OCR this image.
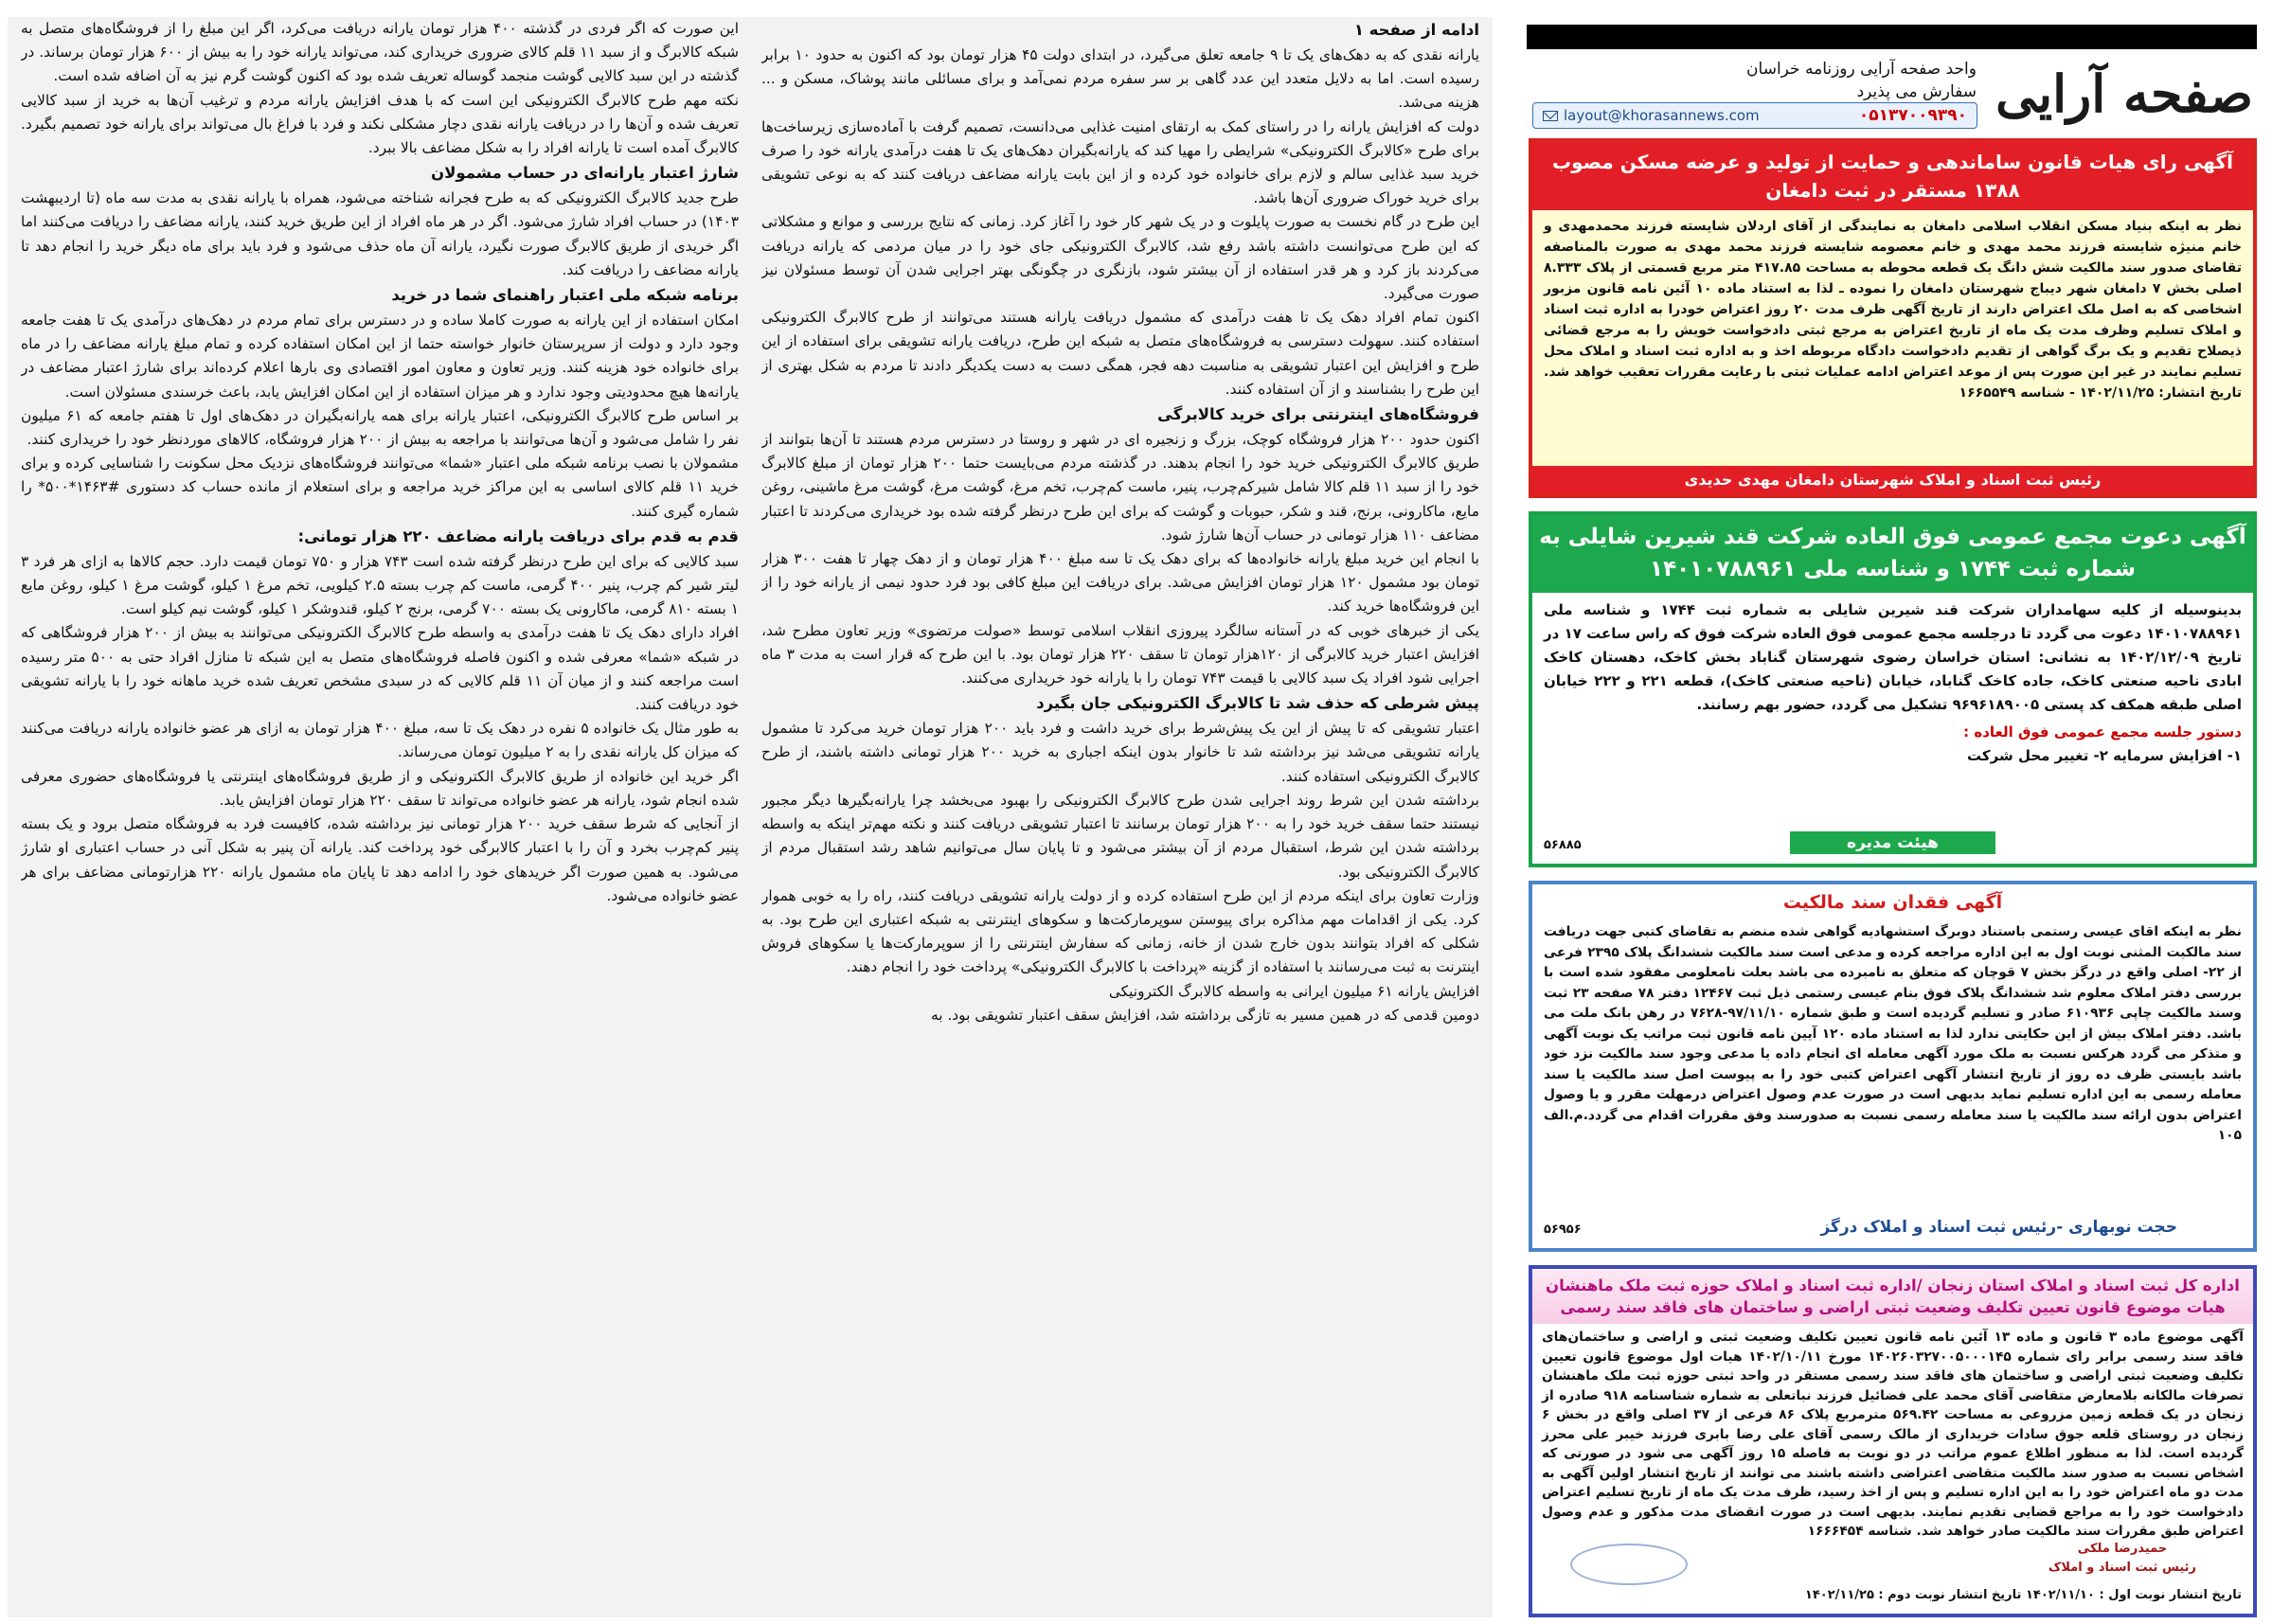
ادامه از صفحه ۱

یارانه نقدی که به دهک‌های یک تا ۹ جامعه تعلق می‌گیرد، در ابتدای دولت ۴۵ هزار تومان بود که اکنون به حدود ۱۰ برابر رسیده است. اما به دلایل متعدد این عدد گاهی بر سر سفره مردم نمی‌آمد و برای مسائلی مانند پوشاک، مسکن و ... هزینه می‌شد.

دولت که افزایش یارانه را در راستای کمک به ارتقای امنیت غذایی می‌دانست، تصمیم گرفت با آماده‌سازی زیرساخت‌ها برای طرح «کالابرگ الکترونیکی» شرایطی را مهیا کند که یارانه‌بگیران دهک‌های یک تا هفت درآمدی یارانه خود را صرف خرید سبد غذایی سالم و لازم برای خانواده خود کرده و از این بابت یارانه مضاعف دریافت کنند که به نوعی تشویقی برای خرید خوراک ضروری آن‌ها باشد.

این طرح در گام نخست به صورت پایلوت و در یک شهر کار خود را آغاز کرد. زمانی که نتایج بررسی و موانع و مشکلاتی که این طرح می‌توانست داشته باشد رفع شد، کالابرگ الکترونیکی جای خود را در میان مردمی که یارانه دریافت می‌کردند باز کرد و هر قدر استفاده از آن بیشتر شود، بازنگری در چگونگی بهتر اجرایی شدن آن توسط مسئولان نیز صورت می‌گیرد.

اکنون تمام افراد دهک یک تا هفت درآمدی که مشمول دریافت یارانه هستند می‌توانند از طرح کالابرگ الکترونیکی استفاده کنند. سهولت دسترسی به فروشگاه‌های متصل به شبکه این طرح، دریافت یارانه تشویقی برای استفاده از این طرح و افزایش این اعتبار تشویقی به مناسبت دهه فجر، همگی دست به دست یکدیگر دادند تا مردم به شکل بهتری از این طرح را بشناسند و از آن استفاده کنند.

فروشگاه‌های اینترنتی برای خرید کالابرگی

اکنون حدود ۲۰۰ هزار فروشگاه کوچک، بزرگ و زنجیره ای در شهر و روستا در دسترس مردم هستند تا آن‌ها بتوانند از طریق کالابرگ الکترونیکی خرید خود را انجام بدهند. در گذشته مردم می‌بایست حتما ۲۰۰ هزار تومان از مبلغ کالابرگ خود را از سبد ۱۱ قلم کالا شامل شیرکم‌چرب، پنیر، ماست کم‌چرب، تخم مرغ، گوشت مرغ، گوشت مرغ ماشینی، روغن مایع، ماکارونی، برنج، قند و شکر، حبوبات و گوشت که برای این طرح درنظر گرفته شده بود خریداری می‌کردند تا اعتبار مضاعف ۱۱۰ هزار تومانی در حساب آن‌ها شارژ شود.

با انجام این خرید مبلغ یارانه خانواده‌ها که برای دهک یک تا سه مبلغ ۴۰۰ هزار تومان و از دهک چهار تا هفت ۳۰۰ هزار تومان بود مشمول ۱۲۰ هزار تومان افزایش می‌شد. برای دریافت این مبلغ کافی بود فرد حدود نیمی از یارانه خود را از این فروشگاه‌ها خرید کند.

یکی از خبرهای خوبی که در آستانه سالگرد پیروزی انقلاب اسلامی توسط «صولت مرتضوی» وزیر تعاون مطرح شد، افزایش اعتبار خرید کالابرگی از ۱۲۰هزار تومان تا سقف ۲۲۰ هزار تومان بود. با این طرح که قرار است به مدت ۳ ماه اجرایی شود افراد یک سبد کالایی با قیمت ۷۴۳ تومان را با یارانه خود خریداری می‌کنند.

پیش شرطی که حذف شد تا کالابرگ الکترونیکی جان بگیرد

اعتبار تشویقی که تا پیش از این یک پیش‌شرط برای خرید داشت و فرد باید ۲۰۰ هزار تومان خرید می‌کرد تا مشمول یارانه تشویقی می‌شد نیز برداشته شد تا خانوار بدون اینکه اجباری به خرید ۲۰۰ هزار تومانی داشته باشند، از طرح کالابرگ الکترونیکی استفاده کنند.

برداشته شدن این شرط روند اجرایی شدن طرح کالابرگ الکترونیکی را بهبود می‌بخشد چرا یارانه‌بگیرها دیگر مجبور نیستند حتما سقف خرید خود را به ۲۰۰ هزار تومان برسانند تا اعتبار تشویقی دریافت کنند و نکته مهم‌تر اینکه به واسطه برداشته شدن این شرط، استقبال مردم از آن بیشتر می‌شود و تا پایان سال می‌توانیم شاهد رشد استقبال مردم از کالابرگ الکترونیکی بود.

وزارت تعاون برای اینکه مردم از این طرح استفاده کرده و از دولت یارانه تشویقی دریافت کنند، راه را به خوبی هموار کرد. یکی از اقدامات مهم مذاکره برای پیوستن سوپرمارکت‌ها و سکوهای اینترنتی به شبکه اعتباری این طرح بود. به شکلی که افراد بتوانند بدون خارج شدن از خانه، زمانی که سفارش اینترنتی را از سوپرمارکت‌ها یا سکوهای فروش اینترنت به ثبت می‌رسانند با استفاده از گزینه «پرداخت با کالابرگ الکترونیکی» پرداخت خود را انجام دهند.

افزایش یارانه ۶۱ میلیون ایرانی به واسطه کالابرگ الکترونیکی

دومین قدمی که در همین مسیر به تازگی برداشته شد، افزایش سقف اعتبار تشویقی بود. به

این صورت که اگر فردی در گذشته ۴۰۰ هزار تومان یارانه دریافت می‌کرد، اگر این مبلغ را از فروشگاه‌های متصل به شبکه کالابرگ و از سبد ۱۱ قلم کالای ضروری خریداری کند، می‌تواند یارانه خود را به بیش از ۶۰۰ هزار تومان برساند. در گذشته در این سبد کالایی گوشت منجمد گوساله تعریف شده بود که اکنون گوشت گرم نیز به آن اضافه شده است.

نکته مهم طرح کالابرگ الکترونیکی این است که با هدف افزایش یارانه مردم و ترغیب آن‌ها به خرید از سبد کالایی تعریف شده و آن‌ها را در دریافت یارانه نقدی دچار مشکلی نکند و فرد با فراغ بال می‌تواند برای یارانه خود تصمیم بگیرد. کالابرگ آمده است تا یارانه افراد را به شکل مضاعف بالا ببرد.

شارژ اعتبار یارانه‌ای در حساب مشمولان

طرح جدید کالابرگ الکترونیکی که به طرح فجرانه شناخته می‌شود، همراه با یارانه نقدی به مدت سه ماه (تا اردیبهشت ۱۴۰۳) در حساب افراد شارژ می‌شود. اگر در هر ماه افراد از این طریق خرید کنند، یارانه مضاعف را دریافت می‌کنند اما اگر خریدی از طریق کالابرگ صورت نگیرد، یارانه آن ماه حذف می‌شود و فرد باید برای ماه دیگر خرید را انجام دهد تا یارانه مضاعف را دریافت کند.

برنامه شبکه ملی اعتبار راهنمای شما در خرید

امکان استفاده از این یارانه به صورت کاملا ساده و در دسترس برای تمام مردم در دهک‌های درآمدی یک تا هفت جامعه وجود دارد و دولت از سرپرستان خانوار خواسته حتما از این امکان استفاده کرده و تمام مبلغ یارانه مضاعف را در ماه برای خانواده خود هزینه کنند. وزیر تعاون و معاون امور اقتصادی وی بارها اعلام کرده‌اند برای شارژ اعتبار مضاعف در یارانه‌ها هیچ محدودیتی وجود ندارد و هر میزان استفاده از این امکان افزایش یابد، باعث خرسندی مسئولان است.

بر اساس طرح کالابرگ الکترونیکی، اعتبار یارانه برای همه یارانه‌بگیران در دهک‌های اول تا هفتم جامعه که ۶۱ میلیون نفر را شامل می‌شود و آن‌ها می‌توانند با مراجعه به بیش از ۲۰۰ هزار فروشگاه، کالاهای موردنظر خود را خریداری کنند.

مشمولان با نصب برنامه شبکه ملی اعتبار «شما» می‌توانند فروشگاه‌های نزدیک محل سکونت را شناسایی کرده و برای خرید ۱۱ قلم کالای اساسی به این مراکز خرید مراجعه و برای استعلام از مانده حساب کد دستوری #۱۴۶۳*۵۰۰* را شماره گیری کنند.

قدم به قدم برای دریافت یارانه مضاعف ۲۲۰ هزار تومانی:

سبد کالایی که برای این طرح درنظر گرفته شده است ۷۴۳ هزار و ۷۵۰ تومان قیمت دارد. حجم کالاها به ازای هر فرد ۳ لیتر شیر کم چرب، پنیر ۴۰۰ گرمی، ماست کم چرب بسته ۲.۵ کیلویی، تخم مرغ ۱ کیلو، گوشت مرغ ۱ کیلو، روغن مایع ۱ بسته ۸۱۰ گرمی، ماکارونی یک بسته ۷۰۰ گرمی، برنج ۲ کیلو، قندوشکر ۱ کیلو، گوشت نیم کیلو است.

افراد دارای دهک یک تا هفت درآمدی به واسطه طرح کالابرگ الکترونیکی می‌توانند به بیش از ۲۰۰ هزار فروشگاهی که در شبکه «شما» معرفی شده و اکنون فاصله فروشگاه‌های متصل به این شبکه تا منازل افراد حتی به ۵۰۰ متر رسیده است مراجعه کنند و از میان آن ۱۱ قلم کالایی که در سبدی مشخص تعریف شده خرید ماهانه خود را با یارانه تشویقی خود دریافت کنند.

به طور مثال یک خانواده ۵ نفره در دهک یک تا سه، مبلغ ۴۰۰ هزار تومان به ازای هر عضو خانواده یارانه دریافت می‌کنند که میزان کل یارانه نقدی را به ۲ میلیون تومان می‌رساند.

اگر خرید این خانواده از طریق کالابرگ الکترونیکی و از طریق فروشگاه‌های اینترنتی یا فروشگاه‌های حضوری معرفی شده انجام شود، یارانه هر عضو خانواده می‌تواند تا سقف ۲۲۰ هزار تومان افزایش یابد.

از آنجایی که شرط سقف خرید ۲۰۰ هزار تومانی نیز برداشته شده، کافیست فرد به فروشگاه متصل برود و یک بسته پنیر کم‌چرب بخرد و آن را با اعتبار کالابرگی خود پرداخت کند. یارانه آن پنیر به شکل آنی در حساب اعتباری او شارژ می‌شود. به همین صورت اگر خریدهای خود را ادامه دهد تا پایان ماه مشمول یارانه ۲۲۰ هزارتومانی مضاعف برای هر عضو خانواده می‌شود.

صفحه آرایی
واحد صفحه آرایی روزنامه خراسان
سفارش می پذیرد
layout@khorasannews.com	۰۵۱۳۷۰۰۹۳۹۰
آگهی رای هیات قانون ساماندهی و حمایت از تولید و عرضه مسکن مصوب ۱۳۸۸ مستقر در ثبت دامغان
نظر به اینکه بنیاد مسکن انقلاب اسلامی دامغان به نمایندگی از آقای اردلان شایسته فرزند محمدمهدی و خانم منیژه شایسته فرزند محمد مهدی و خانم معصومه شایسته فرزند محمد مهدی به صورت بالمناصفه تقاضای صدور سند مالکیت شش دانگ یک قطعه محوطه به مساحت ۴۱۷.۸۵ متر مربع قسمتی از پلاک ۸.۳۳۳ اصلی بخش ۷ دامغان شهر دیباج شهرستان دامغان را نموده ـ لذا به استناد ماده ۱۰ آئین نامه قانون مزبور اشخاصی که به اصل ملک اعتراض دارند از تاریخ آگهی ظرف مدت ۲۰ روز اعتراض خودرا به اداره ثبت اسناد و املاک تسلیم وظرف مدت یک ماه از تاریخ اعتراض به مرجع ثبتی دادخواست خویش را به مرجع قضائی ذیصلاح تقدیم و یک برگ گواهی از تقدیم دادخواست دادگاه مربوطه اخذ و به اداره ثبت اسناد و املاک محل تسلیم نمایند در غیر این صورت پس از موعد اعتراض ادامه عملیات ثبتی با رعایت مقررات تعقیب خواهد شد. تاریخ انتشار: ۱۴۰۲/۱۱/۲۵ - شناسه ۱۶۶۵۵۴۹
رئیس ثبت اسناد و املاک شهرستان دامغان مهدی حدیدی
آگهی دعوت مجمع عمومی فوق العاده شرکت قند شیرین شایلی به شماره ثبت ۱۷۴۴ و شناسه ملی ۱۴۰۱۰۷۸۸۹۶۱
بدینوسیله از کلیه سهامداران شرکت قند شیرین شایلی به شماره ثبت ۱۷۴۴ و شناسه ملی ۱۴۰۱۰۷۸۸۹۶۱ دعوت می گردد تا درجلسه مجمع عمومی فوق العاده شرکت فوق که راس ساعت ۱۷ در تاریخ ۱۴۰۲/۱۲/۰۹ به نشانی: استان خراسان رضوی شهرستان گناباد بخش کاخک، دهستان کاخک ابادی ناحیه صنعتی کاخک، جاده کاخک گناباد، خیابان (ناحیه صنعتی کاخک)، قطعه ۲۲۱ و ۲۲۲ خیابان اصلی طبقه همکف کد پستی ۹۶۹۶۱۸۹۰۰۵ تشکیل می گردد، حضور بهم رسانند.
دستور جلسه مجمع عمومی فوق العاده :
۱- افزایش سرمایه ۲- تغییر محل شرکت
هیئت مدیره
۵۶۸۸۵
آگهی فقدان سند مالکیت
نظر به اینکه اقای عیسی رستمی باستناد دوبرگ استشهادیه گواهی شده منضم به تقاضای کتبی جهت دریافت سند مالکیت المثنی نوبت اول به این اداره مراجعه کرده و مدعی است سند مالکیت ششدانگ پلاک ۲۳۹۵ فرعی از ۲۲- اصلی واقع در درگز بخش ۷ قوچان که متعلق به نامبرده می باشد بعلت نامعلومی مفقود شده است با بررسی دفتر املاک معلوم شد ششدانگ پلاک فوق بنام عیسی رستمی ذیل ثبت ۱۲۴۶۷ دفتر ۷۸ صفحه ۲۳ ثبت وسند مالکیت چاپی ۶۱۰۹۳۶ صادر و تسلیم گردیده است و طبق شماره ۹۷/۱۱/۱۰-۷۶۲۸ در رهن بانک ملت می باشد. دفتر املاک بیش از این حکایتی ندارد لذا به استناد ماده ۱۲۰ آیین نامه قانون ثبت مراتب یک نوبت آگهی و متذکر می گردد هرکس نسبت به ملک مورد آگهی معامله ای انجام داده یا مدعی وجود سند مالکیت نزد خود باشد بایستی ظرف ده روز از تاریخ انتشار آگهی اعتراض کتبی خود را به پیوست اصل سند مالکیت یا سند معامله رسمی به این اداره تسلیم نماید بدیهی است در صورت عدم وصول اعتراض درمهلت مقرر و یا وصول اعتراض بدون ارائه سند مالکیت یا سند معامله رسمی نسبت به صدورسند وفق مقررات اقدام می گردد.م.الف ۱۰۵
حجت نوبهاری -رئیس ثبت اسناد و املاک درگز
۵۶۹۵۶
اداره کل ثبت اسناد و املاک استان زنجان /اداره ثبت اسناد و املاک حوزه ثبت ملک ماهنشان هیات موضوع قانون تعیین تکلیف وضعیت ثبتی اراضی و ساختمان های فاقد سند رسمی
آگهی موضوع ماده ۳ قانون و ماده ۱۳ آئین نامه قانون تعیین تکلیف وضعیت ثبتی و اراضی و ساختمان‌های فاقد سند رسمی برابر رای شماره ۱۴۰۲۶۰۳۲۷۰۰۵۰۰۰۱۴۵ مورخ ۱۴۰۲/۱۰/۱۱ هیات اول موضوع قانون تعیین تکلیف وضعیت ثبتی اراضی و ساختمان های فاقد سند رسمی مستقر در واحد ثبتی حوزه ثبت ملک ماهنشان تصرفات مالکانه بلامعارض متقاضی آقای محمد علی فضائیل فرزند نباتعلی به شماره شناسنامه ۹۱۸ صادره از زنجان در یک قطعه زمین مزروعی به مساحت ۵۶۹.۴۲ مترمربع پلاک ۸۶ فرعی از ۳۷ اصلی واقع در بخش ۶ زنجان در روستای قلعه جوق سادات خریداری از مالک رسمی آقای علی رضا بابری فرزند خیبر علی محرز گردیده است. لذا به منظور اطلاع عموم مراتب در دو نوبت به فاصله ۱۵ روز آگهی می شود در صورتی که اشخاص نسبت به صدور سند مالکیت متقاضی اعتراضی داشته باشند می توانند از تاریخ انتشار اولین آگهی به مدت دو ماه اعتراض خود را به این اداره تسلیم و پس از اخذ رسید، ظرف مدت یک ماه از تاریخ تسلیم اعتراض دادخواست خود را به مراجع قضایی تقدیم نمایند. بدیهی است در صورت انقضای مدت مذکور و عدم وصول اعتراض طبق مقررات سند مالکیت صادر خواهد شد. شناسه ۱۶۶۶۴۵۴
حمیدرضا ملکی
رئیس ثبت اسناد و املاک
تاریخ انتشار نوبت اول : ۱۴۰۲/۱۱/۱۰ تاریخ انتشار نوبت دوم : ۱۴۰۲/۱۱/۲۵
